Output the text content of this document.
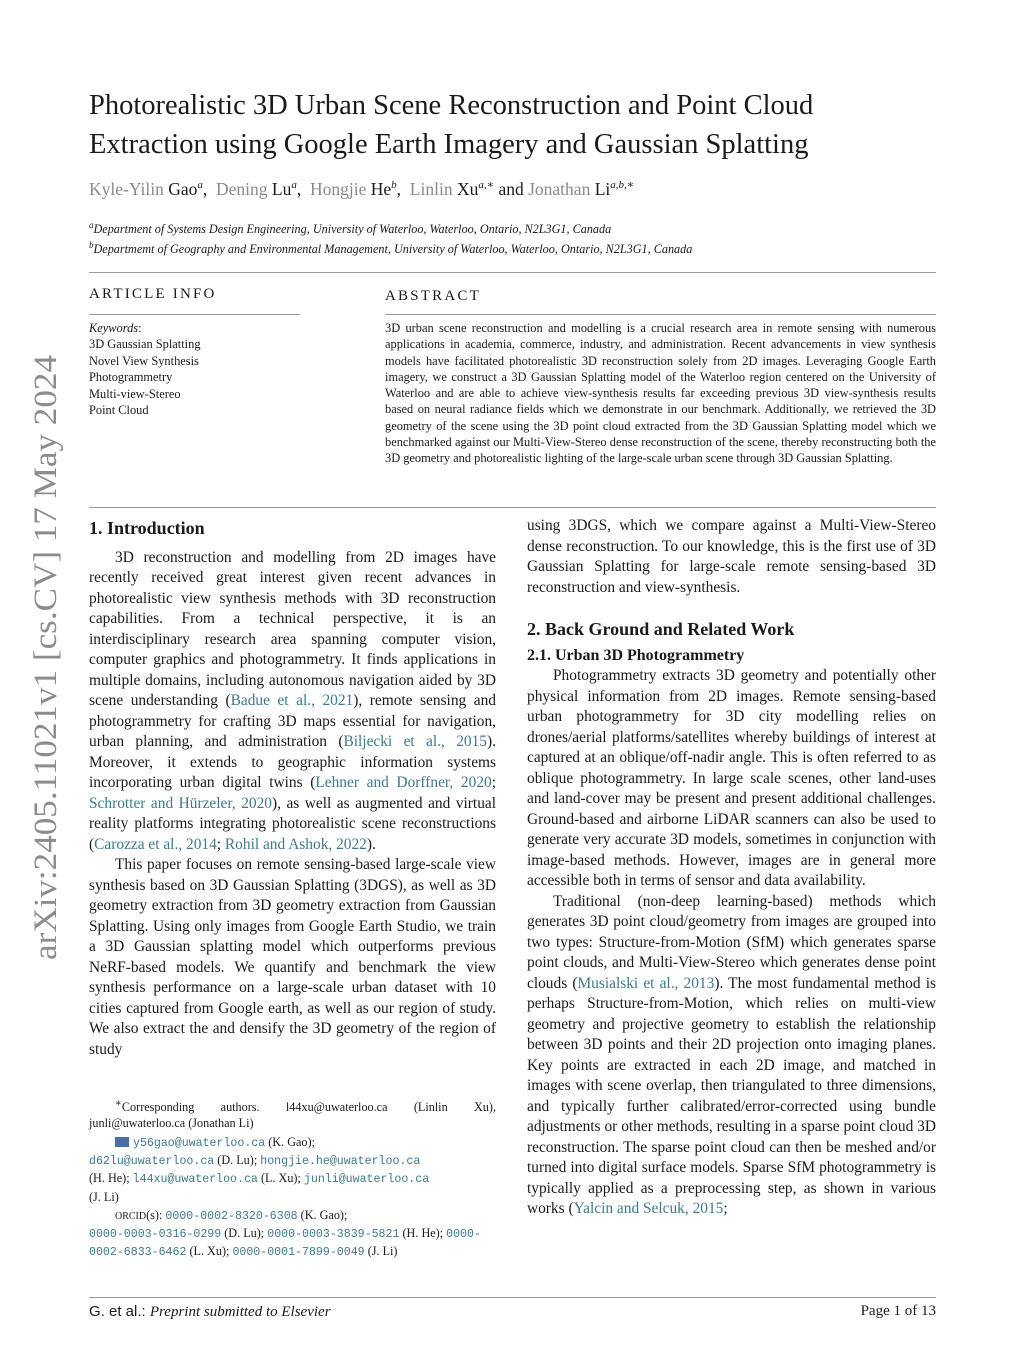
arXiv:2405.11021v1 [cs.CV] 17 May 2024
Photorealistic 3D Urban Scene Reconstruction and Point Cloud
Extraction using Google Earth Imagery and Gaussian Splatting
Kyle-Yilin Gao$^a$,  Dening Lu$^a$,  Hongjie He$^b$,  Linlin $Xu^{a,∗}$ and Jonathan $Li^{a,b,∗}$
$^a$Department of Systems Design Engineering, University of Waterloo, Waterloo, Ontario, N2L3G1, Canada
$^b$Departmemt of Geography and Environmental Management, University of Waterloo, Waterloo, Ontario, N2L3G1, Canada
ARTICLE INFO
Keywords:
3D Gaussian Splatting
Novel View Synthesis
Photogrammetry
Multi-view-Stereo
Point Cloud
ABSTRACT
3D urban scene reconstruction and modelling is a crucial research area in remote sensing with numerous applications in academia, commerce, industry, and administration. Recent advancements in view synthesis models have facilitated photorealistic 3D reconstruction solely from 2D images. Leveraging Google Earth imagery, we construct a 3D Gaussian Splatting model of the Waterloo region centered on the University of Waterloo and are able to achieve view-synthesis results far exceeding previous 3D view-synthesis results based on neural radiance fields which we demonstrate in our benchmark. Additionally, we retrieved the 3D geometry of the scene using the 3D point cloud extracted from the 3D Gaussian Splatting model which we benchmarked against our Multi-View-Stereo dense reconstruction of the scene, thereby reconstructing both the 3D geometry and photorealistic lighting of the large-scale urban scene through 3D Gaussian Splatting.
1. Introduction

3D reconstruction and modelling from 2D images have recently received great interest given recent advances in photorealistic view synthesis methods with 3D reconstruction capabilities. From a technical perspective, it is an interdisciplinary research area spanning computer vision, computer graphics and photogrammetry. It finds applications in multiple domains, including autonomous navigation aided by 3D scene understanding (Badue et al., 2021), remote sensing and photogrammetry for crafting 3D maps essential for navigation, urban planning, and administration (Biljecki et al., 2015). Moreover, it extends to geographic information systems incorporating urban digital twins (Lehner and Dorffner, 2020; Schrotter and Hürzeler, 2020), as well as augmented and virtual reality platforms integrating photorealistic scene reconstructions (Carozza et al., 2014; Rohil and Ashok, 2022).

This paper focuses on remote sensing-based large-scale view synthesis based on 3D Gaussian Splatting (3DGS), as well as 3D geometry extraction from 3D geometry extraction from Gaussian Splatting. Using only images from Google Earth Studio, we train a 3D Gaussian splatting model which outperforms previous NeRF-based models. We quantify and benchmark the view synthesis performance on a large-scale urban dataset with 10 cities captured from Google earth, as well as our region of study. We also extract the and densify the 3D geometry of the region of study

∗Corresponding authors. l44xu@uwaterloo.ca (Linlin Xu), junli@uwaterloo.ca (Jonathan Li)
y56gao@uwaterloo.ca (K. Gao);
d62lu@uwaterloo.ca (D. Lu); hongjie.he@uwaterloo.ca
(H. He); l44xu@uwaterloo.ca (L. Xu); junli@uwaterloo.ca
(J. Li)
ORCID(s): 0000-0002-8320-6308 (K. Gao);
0000-0003-0316-0299 (D. Lu); 0000-0003-3839-5821 (H. He); 0000-0002-6833-6462 (L. Xu); 0000-0001-7899-0049 (J. Li)

using 3DGS, which we compare against a Multi-View-Stereo dense reconstruction. To our knowledge, this is the first use of 3D Gaussian Splatting for large-scale remote sensing-based 3D reconstruction and view-synthesis.

2. Back Ground and Related Work
2.1. Urban 3D Photogrammetry

Photogrammetry extracts 3D geometry and potentially other physical information from 2D images. Remote sensing-based urban photogrammetry for 3D city modelling relies on drones/aerial platforms/satellites whereby buildings of interest at captured at an oblique/off-nadir angle. This is often referred to as oblique photogrammetry. In large scale scenes, other land-uses and land-cover may be present and present additional challenges. Ground-based and airborne LiDAR scanners can also be used to generate very accurate 3D models, sometimes in conjunction with image-based methods. However, images are in general more accessible both in terms of sensor and data availability.

Traditional (non-deep learning-based) methods which generates 3D point cloud/geometry from images are grouped into two types: Structure-from-Motion (SfM) which generates sparse point clouds, and Multi-View-Stereo which generates dense point clouds (Musialski et al., 2013). The most fundamental method is perhaps Structure-from-Motion, which relies on multi-view geometry and projective geometry to establish the relationship between 3D points and their 2D projection onto imaging planes. Key points are extracted in each 2D image, and matched in images with scene overlap, then triangulated to three dimensions, and typically further calibrated/error-corrected using bundle adjustments or other methods, resulting in a sparse point cloud 3D reconstruction. The sparse point cloud can then be meshed and/or turned into digital surface models. Sparse SfM photogrammetry is typically applied as a preprocessing step, as shown in various works (Yalcin and Selcuk, 2015;

G. et al.: Preprint submitted to Elsevier	Page 1 of 13
